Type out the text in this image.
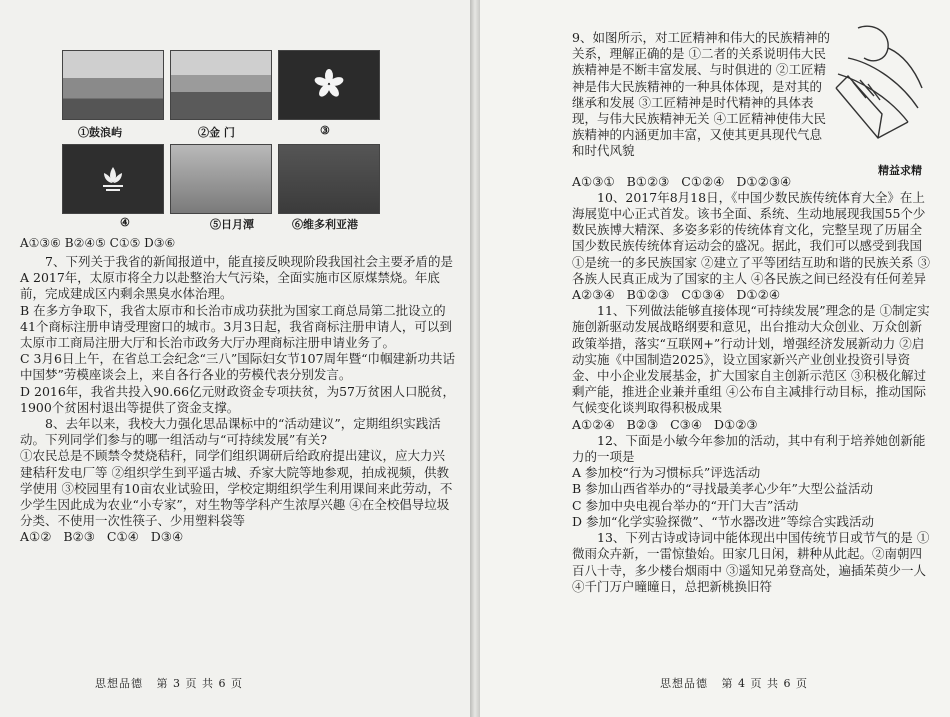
①鼓浪屿	②金 门	③
④	⑤日月潭	⑥维多利亚港
A①③⑥ B②④⑤ C①⑤ D③⑥

7、下列关于我省的新闻报道中，能直接反映现阶段我国社会主要矛盾的是

A 2017年，太原市将全力以赴整治大气污染，全面实施市区原煤禁烧。年底前，完成建成区内剩余黑臭水体治理。

B 在多方争取下，我省太原市和长治市成功获批为国家工商总局第二批设立的41个商标注册申请受理窗口的城市。3月3日起，我省商标注册申请人，可以到太原市工商局注册大厅和长治市政务大厅办理商标注册申请业务了。

C 3月6日上午，在省总工会纪念“三八”国际妇女节107周年暨“巾帼建新功共话中国梦”劳模座谈会上，来自各行各业的劳模代表分别发言。

D 2016年，我省共投入90.66亿元财政资金专项扶贫，为57万贫困人口脱贫，1900个贫困村退出等提供了资金支撑。

8、去年以来，我校大力强化思品课标中的“活动建议”，定期组织实践活动。下列同学们参与的哪一组活动与“可持续发展”有关?

①农民总是不顾禁令焚烧秸秆，同学们组织调研后给政府提出建议，应大力兴建秸秆发电厂等 ②组织学生到平遥古城、乔家大院等地参观，拍成视频，供教学使用 ③校园里有10亩农业试验田，学校定期组织学生利用课间来此劳动，不少学生因此成为农业“小专家”，对生物等学科产生浓厚兴趣 ④在全校倡导垃圾分类、不使用一次性筷子、少用塑料袋等

A①②   B②③   C①④   D③④

思想品德   第 3 页 共 6 页
精益求精

9、如图所示，对工匠精神和伟大的民族精神的关系，理解正确的是 ①二者的关系说明伟大民族精神是不断丰富发展、与时俱进的 ②工匠精神是伟大民族精神的一种具体体现，是对其的继承和发展 ③工匠精神是时代精神的具体表现，与伟大民族精神无关 ④工匠精神使伟大民族精神的内涵更加丰富，又使其更具现代气息和时代风貌

A①③①   B①②③   C①②④   D①②③④

10、2017年8月18日，《中国少数民族传统体育大全》在上海展览中心正式首发。该书全面、系统、生动地展现我国55个少数民族博大精深、多姿多彩的传统体育文化，完整呈现了历届全国少数民族传统体育运动会的盛况。据此，我们可以感受到我国

①是统一的多民族国家 ②建立了平等团结互助和谐的民族关系 ③各族人民真正成为了国家的主人 ④各民族之间已经没有任何差异

A②③④   B①②③   C①③④   D①②④

11、下列做法能够直接体现“可持续发展”理念的是 ①制定实施创新驱动发展战略纲要和意见，出台推动大众创业、万众创新政策举措，落实“互联网+”行动计划，增强经济发展新动力 ②启动实施《中国制造2025》，设立国家新兴产业创业投资引导资金、中小企业发展基金，扩大国家自主创新示范区 ③积极化解过剩产能，推进企业兼并重组 ④公布自主减排行动目标，推动国际气候变化谈判取得积极成果

A①②④   B②③   C③④   D①②③

12、下面是小敏今年参加的活动，其中有利于培养她创新能力的一项是

A 参加校“行为习惯标兵”评选活动

B 参加山西省举办的“寻找最美孝心少年”大型公益活动

C 参加中央电视台举办的“开门大吉”活动

D 参加“化学实验探微”、“节水器改进”等综合实践活动

13、下列古诗或诗词中能体现出中国传统节日或节气的是 ①微雨众卉新，一雷惊蛰始。田家几日闲，耕种从此起。②南朝四百八十寺，多少楼台烟雨中 ③遥知兄弟登高处，遍插茱萸少一人 ④千门万户曈曈日，总把新桃换旧符

思想品德   第 4 页 共 6 页
